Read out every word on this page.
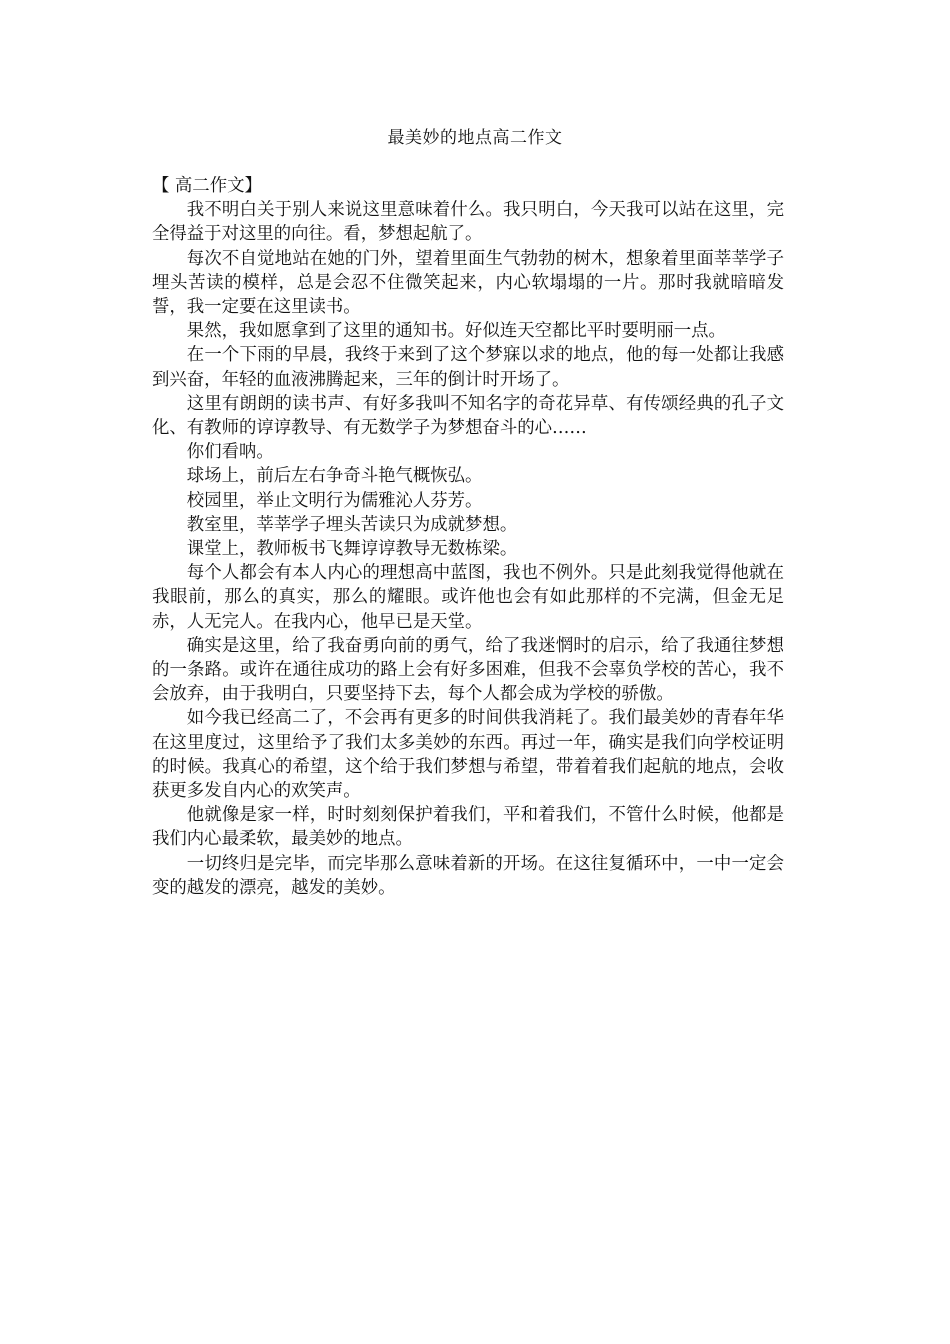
最美妙的地点高二作文

【 高二作文】

我不明白关于别人来说这里意味着什么。我只明白，今天我可以站在这里，完全得益于对这里的向往。看，梦想起航了。

每次不自觉地站在她的门外，望着里面生气勃勃的树木，想象着里面莘莘学子埋头苦读的模样，总是会忍不住微笑起来，内心软塌塌的一片。那时我就暗暗发誓，我一定要在这里读书。

果然，我如愿拿到了这里的通知书。好似连天空都比平时要明丽一点。

在一个下雨的早晨，我终于来到了这个梦寐以求的地点，他的每一处都让我感到兴奋，年轻的血液沸腾起来，三年的倒计时开场了。

这里有朗朗的读书声、有好多我叫不知名字的奇花异草、有传颂经典的孔子文化、有教师的谆谆教导、有无数学子为梦想奋斗的心……

你们看呐。

球场上，前后左右争奇斗艳气概恢弘。

校园里，举止文明行为儒雅沁人芬芳。

教室里，莘莘学子埋头苦读只为成就梦想。

课堂上，教师板书飞舞谆谆教导无数栋梁。

每个人都会有本人内心的理想高中蓝图，我也不例外。只是此刻我觉得他就在我眼前，那么的真实，那么的耀眼。或许他也会有如此那样的不完满，但金无足赤，人无完人。在我内心，他早已是天堂。

确实是这里，给了我奋勇向前的勇气，给了我迷惘时的启示，给了我通往梦想的一条路。或许在通往成功的路上会有好多困难，但我不会辜负学校的苦心，我不会放弃，由于我明白，只要坚持下去，每个人都会成为学校的骄傲。

如今我已经高二了，不会再有更多的时间供我消耗了。我们最美妙的青春年华在这里度过，这里给予了我们太多美妙的东西。再过一年，确实是我们向学校证明的时候。我真心的希望，这个给于我们梦想与希望，带着着我们起航的地点，会收获更多发自内心的欢笑声。

他就像是家一样，时时刻刻保护着我们，平和着我们，不管什么时候，他都是我们内心最柔软，最美妙的地点。

一切终归是完毕，而完毕那么意味着新的开场。在这往复循环中，一中一定会变的越发的漂亮，越发的美妙。
